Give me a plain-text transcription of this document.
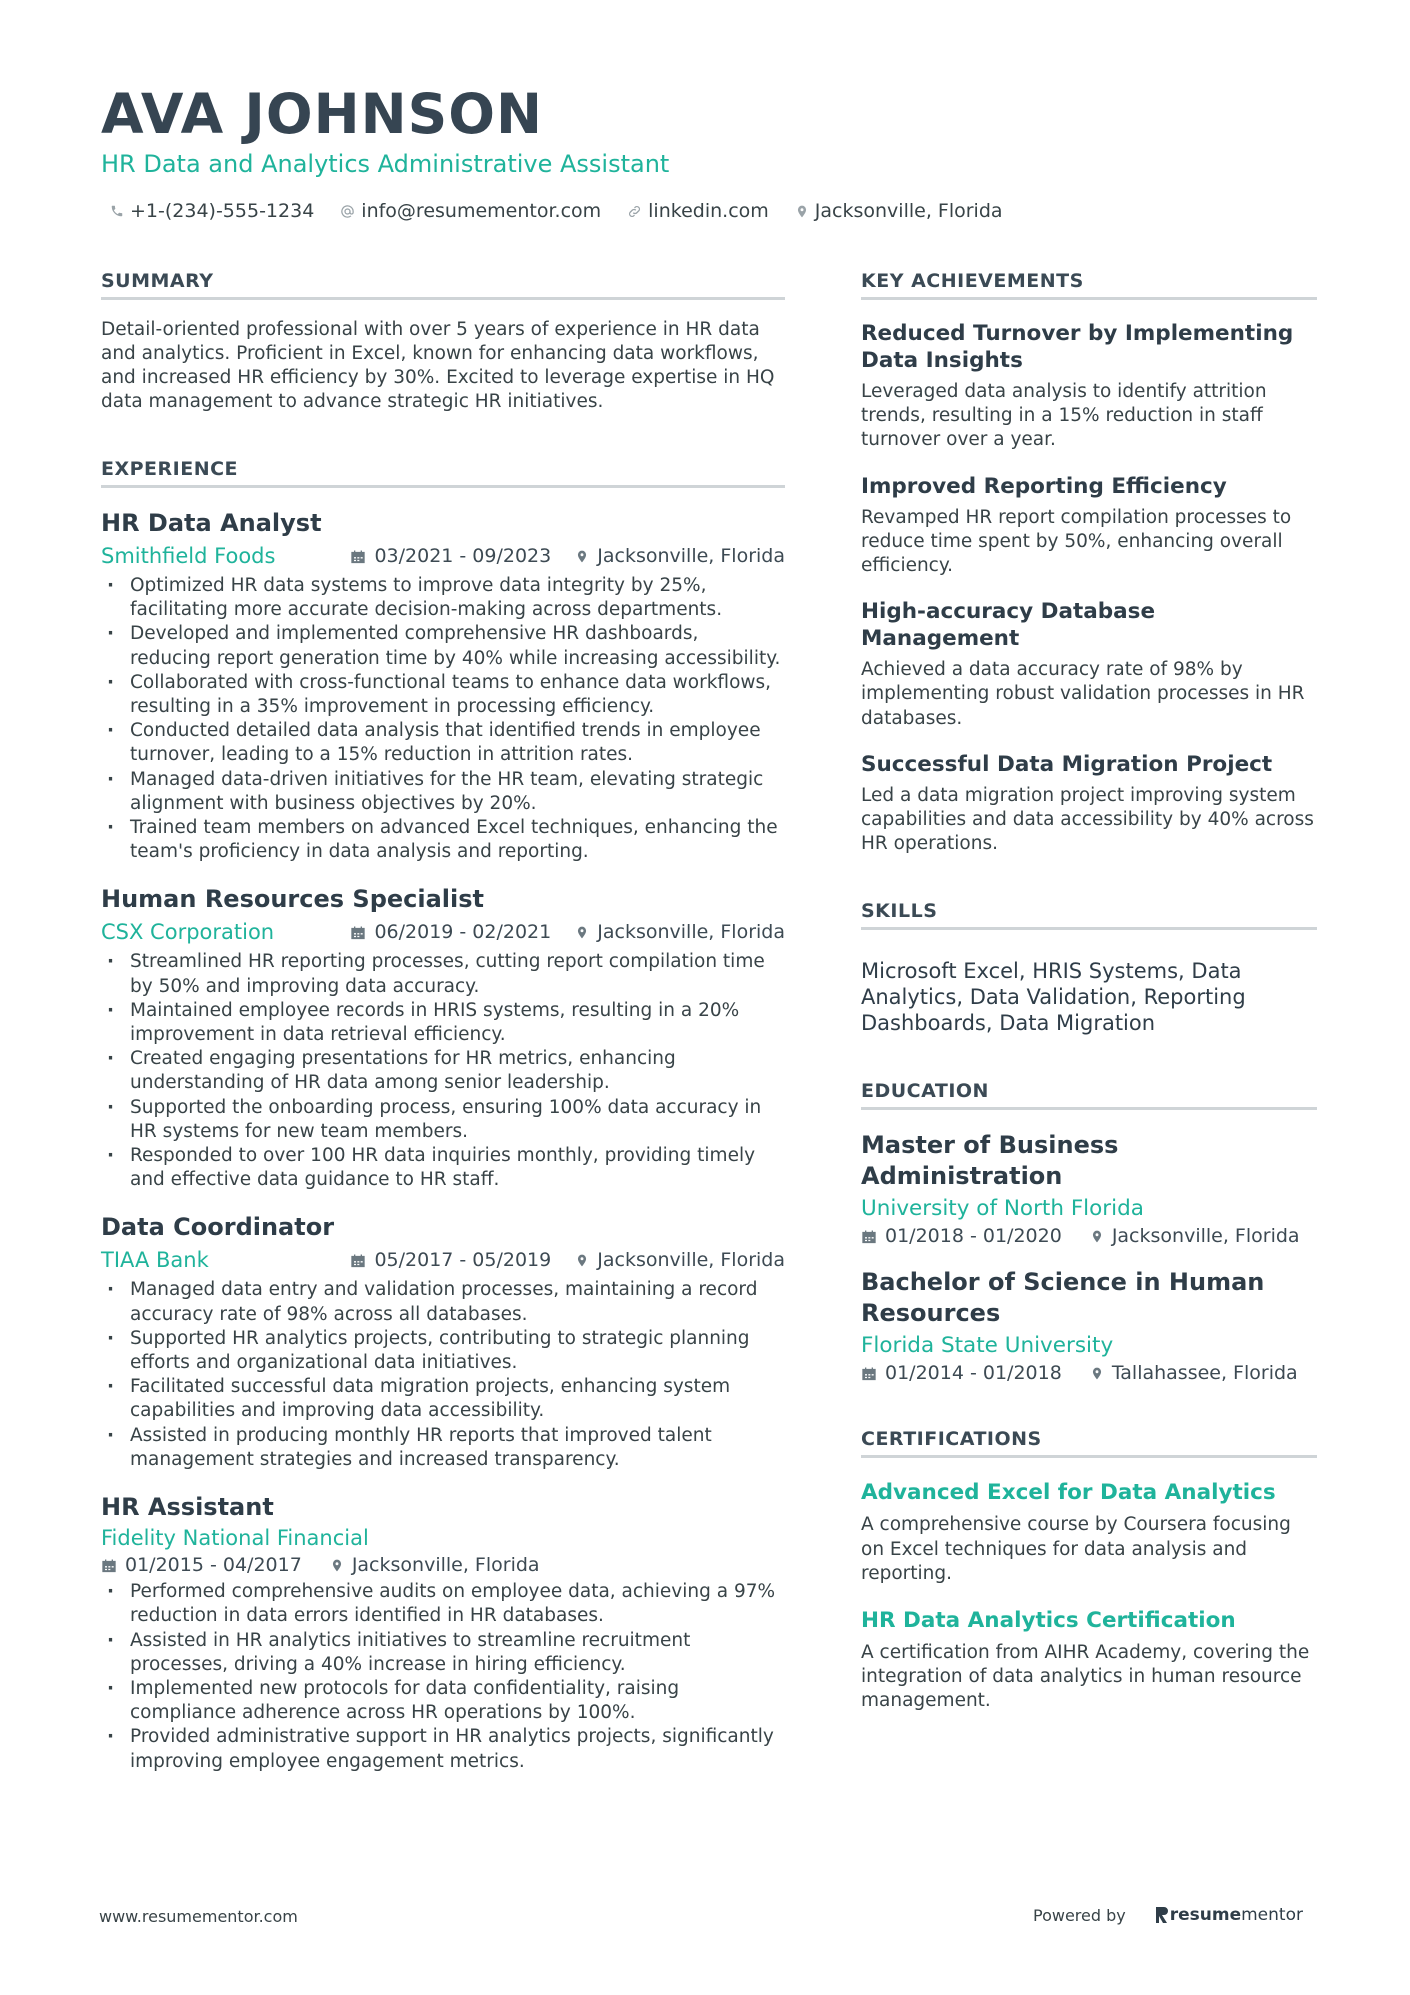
AVA JOHNSON
HR Data and Analytics Administrative Assistant
+1-(234)-555-1234 info@resumementor.com linkedin.com Jacksonville, Florida
SUMMARY

Detail-oriented professional with over 5 years of experience in HR data and analytics. Proficient in Excel, known for enhancing data workflows, and increased HR efficiency by 30%. Excited to leverage expertise in HQ data management to advance strategic HR initiatives.

EXPERIENCE
HR Data Analyst
Smithfield Foods	03/2021 - 09/2023 Jacksonville, Florida
· Optimized HR data systems to improve data integrity by 25%, facilitating more accurate decision-making across departments.
· Developed and implemented comprehensive HR dashboards, reducing report generation time by 40% while increasing accessibility.
· Collaborated with cross-functional teams to enhance data workflows, resulting in a 35% improvement in processing efficiency.
· Conducted detailed data analysis that identified trends in employee turnover, leading to a 15% reduction in attrition rates.
· Managed data-driven initiatives for the HR team, elevating strategic alignment with business objectives by 20%.
· Trained team members on advanced Excel techniques, enhancing the team's proficiency in data analysis and reporting.
Human Resources Specialist
CSX Corporation	06/2019 - 02/2021 Jacksonville, Florida
· Streamlined HR reporting processes, cutting report compilation time by 50% and improving data accuracy.
· Maintained employee records in HRIS systems, resulting in a 20% improvement in data retrieval efficiency.
· Created engaging presentations for HR metrics, enhancing understanding of HR data among senior leadership.
· Supported the onboarding process, ensuring 100% data accuracy in HR systems for new team members.
· Responded to over 100 HR data inquiries monthly, providing timely and effective data guidance to HR staff.
Data Coordinator
TIAA Bank	05/2017 - 05/2019 Jacksonville, Florida
· Managed data entry and validation processes, maintaining a record accuracy rate of 98% across all databases.
· Supported HR analytics projects, contributing to strategic planning efforts and organizational data initiatives.
· Facilitated successful data migration projects, enhancing system capabilities and improving data accessibility.
· Assisted in producing monthly HR reports that improved talent management strategies and increased transparency.
HR Assistant
Fidelity National Financial
01/2015 - 04/2017	Jacksonville, Florida
· Performed comprehensive audits on employee data, achieving a 97% reduction in data errors identified in HR databases.
· Assisted in HR analytics initiatives to streamline recruitment processes, driving a 40% increase in hiring efficiency.
· Implemented new protocols for data confidentiality, raising compliance adherence across HR operations by 100%.
· Provided administrative support in HR analytics projects, significantly improving employee engagement metrics.
KEY ACHIEVEMENTS
Reduced Turnover by Implementing Data Insights

Leveraged data analysis to identify attrition trends, resulting in a 15% reduction in staff turnover over a year.

Improved Reporting Efficiency

Revamped HR report compilation processes to reduce time spent by 50%, enhancing overall efficiency.

High-accuracy Database Management

Achieved a data accuracy rate of 98% by implementing robust validation processes in HR databases.

Successful Data Migration Project

Led a data migration project improving system capabilities and data accessibility by 40% across HR operations.

SKILLS

Microsoft Excel, HRIS Systems, Data Analytics, Data Validation, Reporting Dashboards, Data Migration

EDUCATION
Master of Business Administration
University of North Florida
01/2018 - 01/2020	Jacksonville, Florida
Bachelor of Science in Human Resources
Florida State University
01/2014 - 01/2018	Tallahassee, Florida
CERTIFICATIONS
Advanced Excel for Data Analytics

A comprehensive course by Coursera focusing on Excel techniques for data analysis and reporting.

HR Data Analytics Certification

A certification from AIHR Academy, covering the integration of data analytics in human resource management.

www.resumementor.com	Powered by	resume mentor
